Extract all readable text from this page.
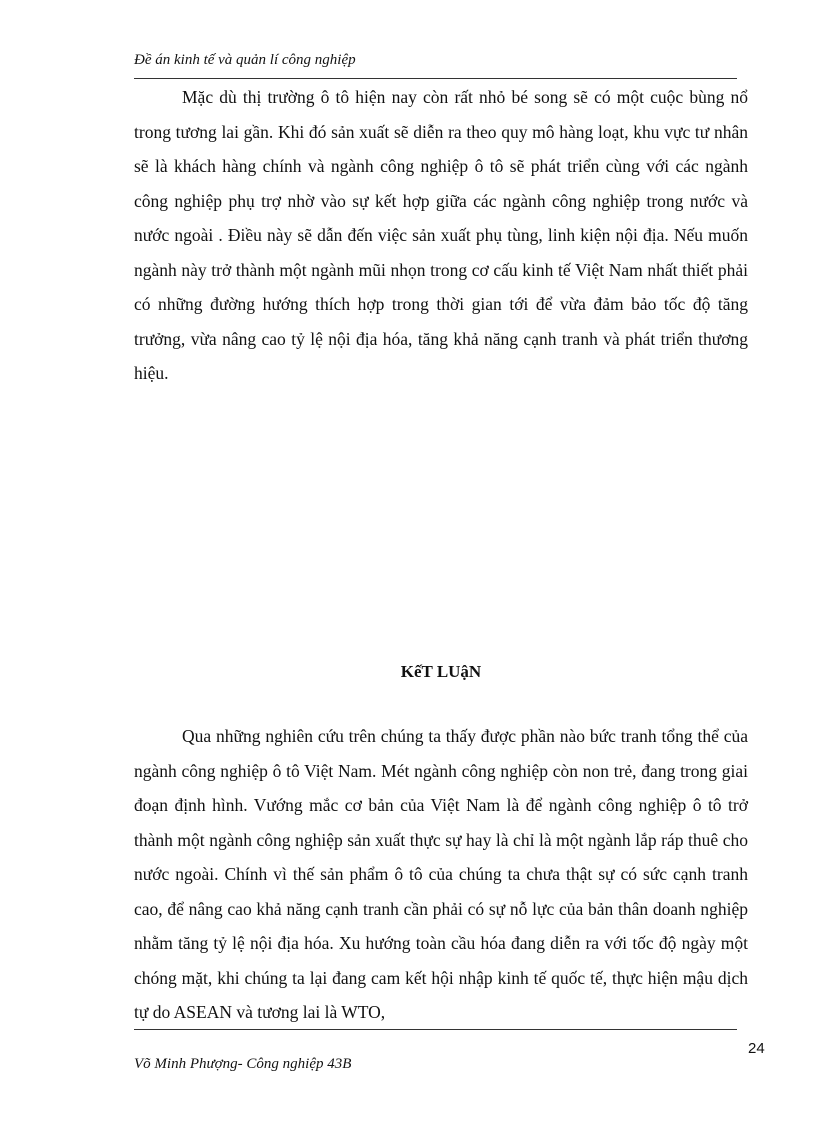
Đề án kinh tế và quản lí công nghiệp

Mặc dù thị trường ô tô hiện nay còn rất nhỏ bé song sẽ có một cuộc bùng nổ trong tương lai gần. Khi đó sản xuất sẽ diễn ra theo quy mô hàng loạt, khu vực tư nhân sẽ là khách hàng chính và ngành công nghiệp ô tô sẽ phát triển cùng với các ngành công nghiệp phụ trợ nhờ vào sự kết hợp giữa các ngành công nghiệp trong nước và nước ngoài . Điều này sẽ dẫn đến việc sản xuất phụ tùng, linh kiện nội địa. Nếu muốn ngành này trở thành một ngành mũi nhọn trong cơ cấu kinh tế Việt Nam nhất thiết phải có những đường hướng thích hợp trong thời gian tới để vừa đảm bảo tốc độ tăng trưởng, vừa nâng cao tỷ lệ nội địa hóa, tăng khả năng cạnh tranh và phát triển thương hiệu.

KếT LUậN

Qua những nghiên cứu trên chúng ta thấy được phần nào bức tranh tổng thể của ngành công nghiệp ô tô Việt Nam. Mét ngành công nghiệp còn non trẻ, đang trong giai đoạn định hình. Vướng mắc cơ bản của Việt Nam là để ngành công nghiệp ô tô trở thành một ngành công nghiệp sản xuất thực sự hay là chỉ là một ngành lắp ráp thuê cho nước ngoài. Chính vì thế sản phẩm ô tô của chúng ta chưa thật sự có sức cạnh tranh cao, để nâng cao khả năng cạnh tranh cần phải có sự nỗ lực của bản thân doanh nghiệp nhằm tăng tỷ lệ nội địa hóa. Xu hướng toàn cầu hóa đang diễn ra với tốc độ ngày một chóng mặt, khi chúng ta lại đang cam kết hội nhập kinh tế quốc tế, thực hiện mậu dịch tự do ASEAN và tương lai là WTO,

24
Võ Minh Phượng- Công nghiệp 43B
